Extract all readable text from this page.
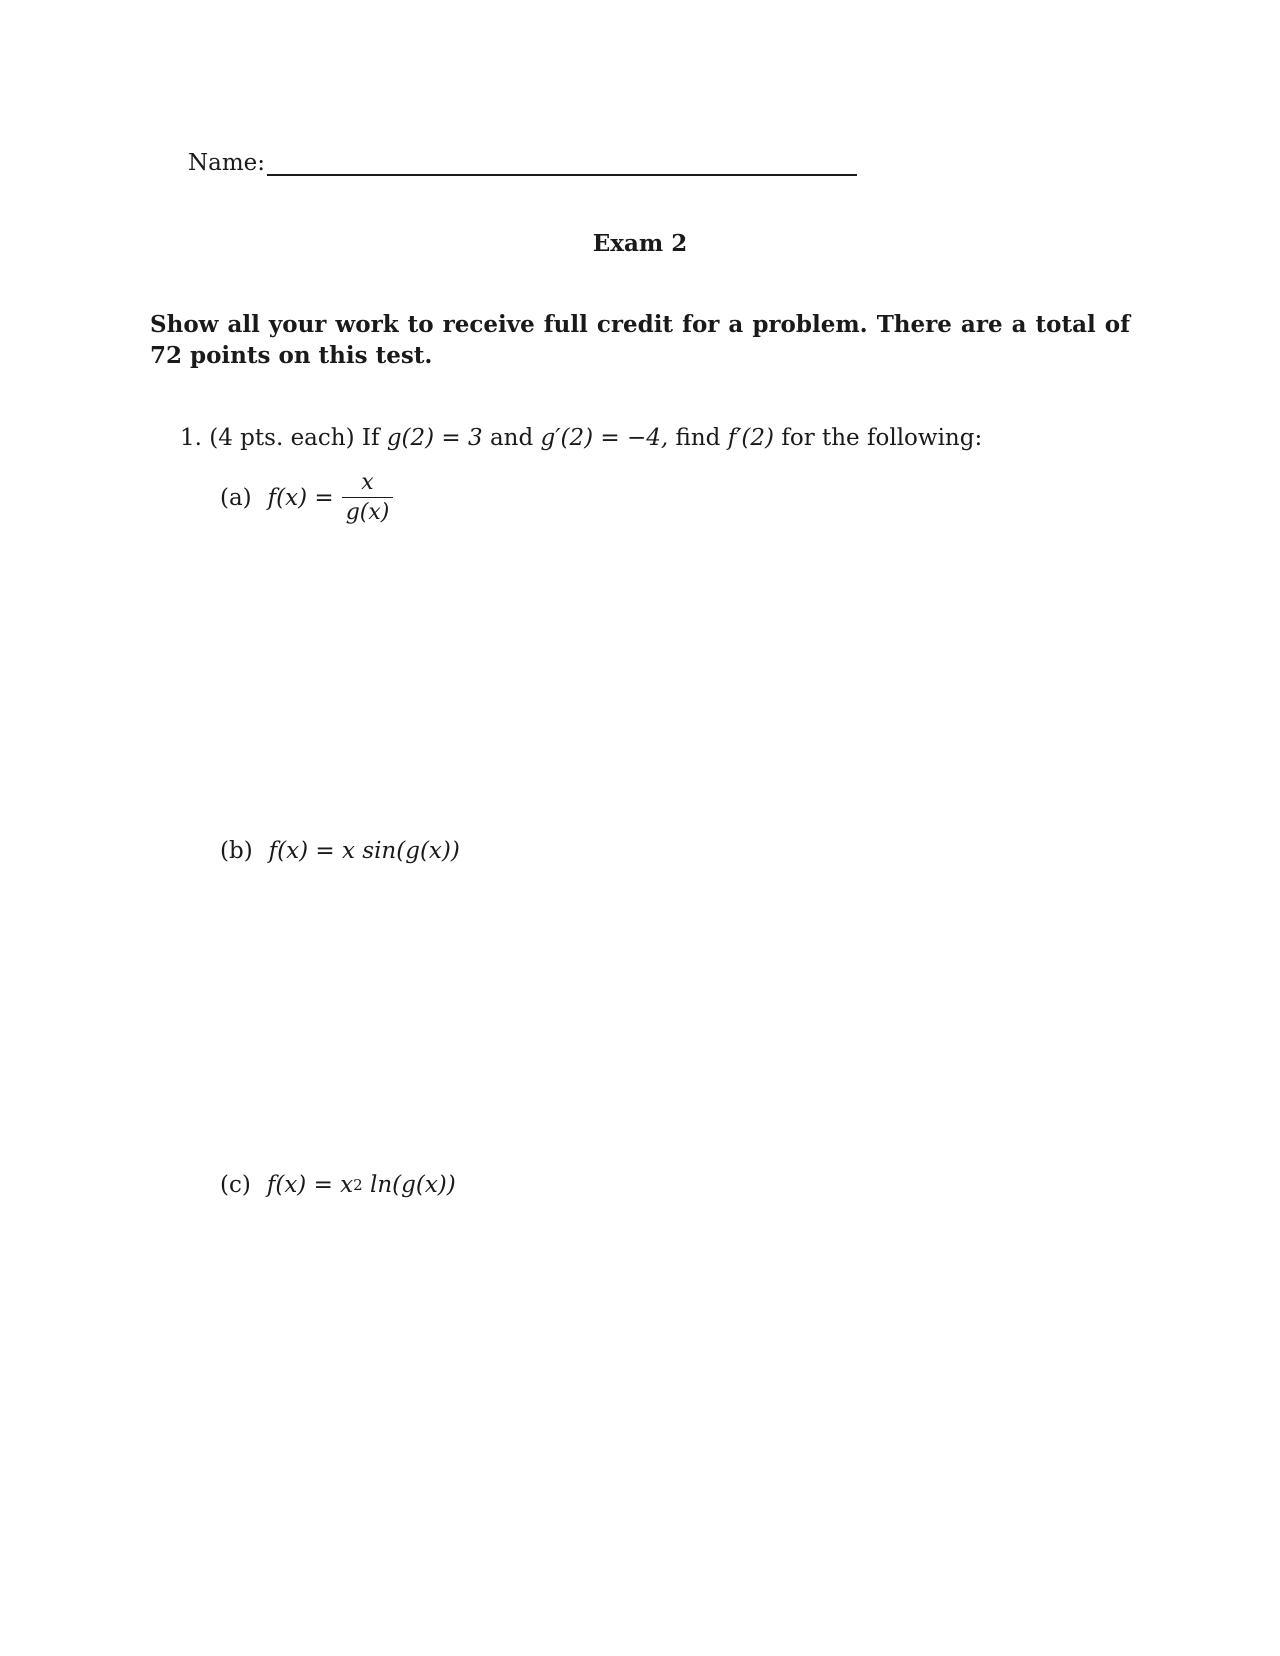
Name:
Exam 2
Show all your work to receive full credit for a problem. There are a total of 72 points on this test.
1. (4 pts. each) If g(2) = 3 and g′(2) = −4, find f′(2) for the following:
(a) $f(x) = \frac{x}{g(x)}$
(b) f(x) = x sin(g(x))
(c) f(x) = x 2 ln(g(x))
